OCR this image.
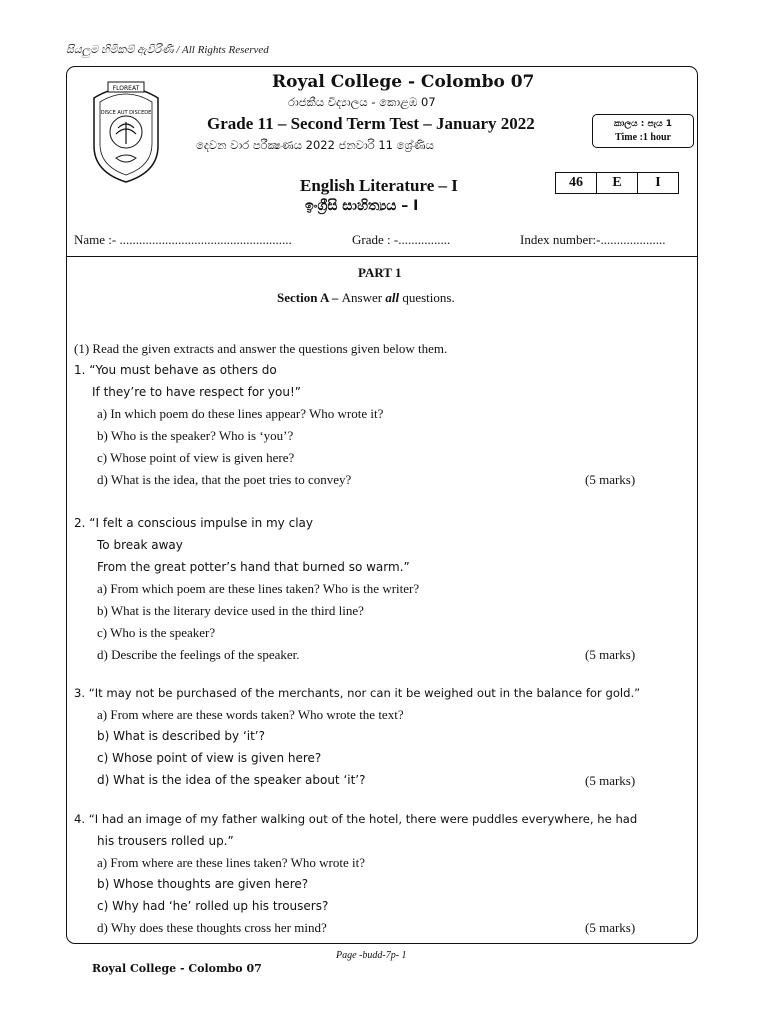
සියලුම හිමිකම් ඇවිරිණි / All Rights Reserved
FLOREAT
DISCE AUT DISCEDE
Royal College - Colombo 07
රාජකීය විද්‍යාලය - කොළඹ 07
Grade 11 – Second Term Test – January 2022
දෙවන වාර පරීක්‍ෂණය 2022 ජනවාරි 11 ශ්‍රේණිය
කාලය : පැය 1
Time :1 hour
English Literature – I
ඉංග්‍රීසි සාහිත්‍යය – I
46	E	I
Name :- .....................................................	Grade : -................	Index number:-....................
PART 1
Section A – Answer all questions.
(1) Read the given extracts and answer the questions given below them.
1. “You must behave as others do
If they’re to have respect for you!”
a) In which poem do these lines appear? Who wrote it?
b) Who is the speaker? Who is ‘you’?
c) Whose point of view is given here?
d) What is the idea, that the poet tries to convey?	(5 marks)
2. “I felt a conscious impulse in my clay
To break away
From the great potter’s hand that burned so warm.”
a) From which poem are these lines taken? Who is the writer?
b) What is the literary device used in the third line?
c) Who is the speaker?
d) Describe the feelings of the speaker.	(5 marks)
3. “It may not be purchased of the merchants, nor can it be weighed out in the balance for gold.”
a) From where are these words taken? Who wrote the text?
b) What is described by ‘it’?
c) Whose point of view is given here?
d) What is the idea of the speaker about ‘it’?	(5 marks)
4. “I had an image of my father walking out of the hotel, there were puddles everywhere, he had
his trousers rolled up.”
a) From where are these lines taken? Who wrote it?
b) Whose thoughts are given here?
c) Why had ‘he’ rolled up his trousers?
d) Why does these thoughts cross her mind?	(5 marks)
Page -budd-7p- 1
Royal College - Colombo 07
